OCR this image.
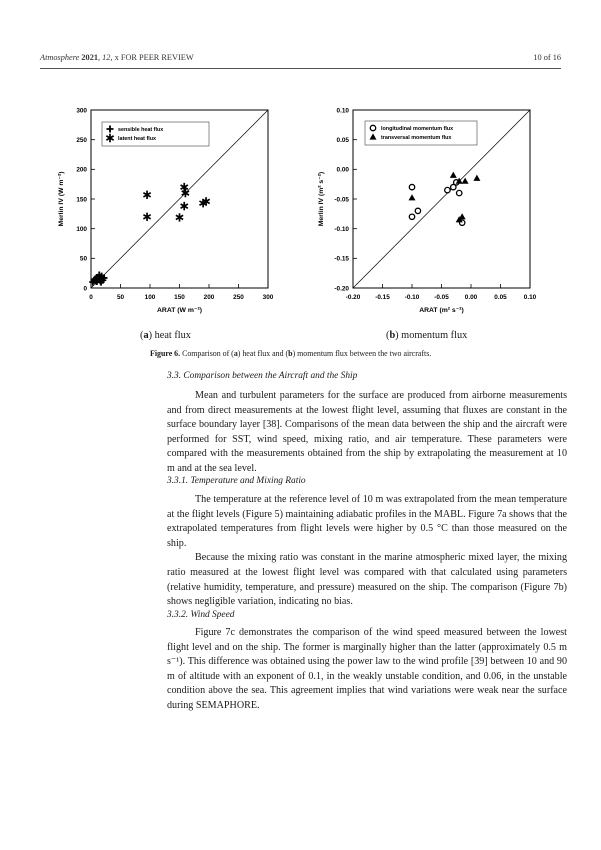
Atmosphere 2021, 12, x FOR PEER REVIEW	10 of 16
0	50	100	150	200	250	300
0
50
100
150
200
250
300
ARAT (W m⁻²)
Merlin IV (W m⁻²)
sensible heat flux
latent heat flux
-0.20 -0.15 -0.10 -0.05 0.00	0.05	0.10
-0.20
-0.15
-0.10
-0.05
0.00
0.05
0.10
ARAT (m² s⁻²)
Merlin IV (m² s⁻²)
longitudinal momentum flux
transversal momentum flux
(a) heat flux	(b) momentum flux
Figure 6. Comparison of (a) heat flux and (b) momentum flux between the two aircrafts.
3.3. Comparison between the Aircraft and the Ship

Mean and turbulent parameters for the surface are produced from airborne measurements and from direct measurements at the lowest flight level, assuming that fluxes are constant in the surface boundary layer [38]. Comparisons of the mean data between the ship and the aircraft were performed for SST, wind speed, mixing ratio, and air temperature. These parameters were compared with the measurements obtained from the ship by extrapolating the measurement at 10 m and at the sea level.

3.3.1. Temperature and Mixing Ratio

The temperature at the reference level of 10 m was extrapolated from the mean temperature at the flight levels (Figure 5) maintaining adiabatic profiles in the MABL. Figure 7a shows that the extrapolated temperatures from flight levels were higher by 0.5 °C than those measured on the ship.

Because the mixing ratio was constant in the marine atmospheric mixed layer, the mixing ratio measured at the lowest flight level was compared with that calculated using parameters (relative humidity, temperature, and pressure) measured on the ship. The comparison (Figure 7b) shows negligible variation, indicating no bias.

3.3.2. Wind Speed

Figure 7c demonstrates the comparison of the wind speed measured between the lowest flight level and on the ship. The former is marginally higher than the latter (approximately 0.5 m s⁻¹). This difference was obtained using the power law to the wind profile [39] between 10 and 90 m of altitude with an exponent of 0.1, in the weakly unstable condition, and 0.06, in the unstable condition above the sea. This agreement implies that wind variations were weak near the surface during SEMAPHORE.
